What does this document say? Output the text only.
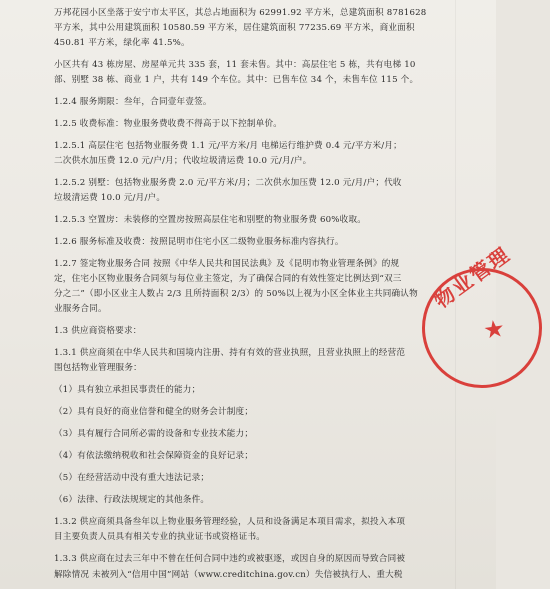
万邦花园小区坐落于安宁市太平区，其总占地面积为 62991.92 平方米，总建筑面积 8781628
平方米，其中公用建筑面积 10580.59 平方米，居住建筑面积 77235.69 平方米，商业面积
450.81 平方米，绿化率 41.5%。
小区共有 43 栋房屋、房屋单元共 335 套，11 套未售。其中：高层住宅 5 栋，共有电梯 10
部、别墅 38 栋、商业 1 户，共有 149 个车位。其中：已售车位 34 个，未售车位 115 个。
1.2.4 服务期限：叁年，合同壹年壹签。
1.2.5 收费标准：物业服务费收费不得高于以下控制单价。
1.2.5.1 高层住宅 包括物业服务费 1.1 元/平方米/月 电梯运行维护费 0.4 元/平方米/月；
二次供水加压费 12.0 元/户/月；代收垃圾清运费 10.0 元/月/户。
1.2.5.2 别墅：包括物业服务费 2.0 元/平方米/月；二次供水加压费 12.0 元/月/户；代收
垃圾清运费 10.0 元/月/户。
1.2.5.3 空置房：未装修的空置房按照高层住宅和别墅的物业服务费 60%收取。
1.2.6 服务标准及收费：按照昆明市住宅小区二级物业服务标准内容执行。
1.2.7 签定物业服务合同 按照《中华人民共和国民法典》及《昆明市物业管理条例》的规
定，住宅小区物业服务合同须与每位业主签定，为了确保合同的有效性签定比例达到“双三
分之二”（即小区业主人数占 2/3 且所持面积 2/3）的 50%以上视为小区全体业主共同确认物
业服务合同。
1.3 供应商资格要求：
1.3.1 供应商须在中华人民共和国境内注册、持有有效的营业执照，且营业执照上的经营范
围包括物业管理服务：
（1）具有独立承担民事责任的能力；
（2）具有良好的商业信誉和健全的财务会计制度；
（3）具有履行合同所必需的设备和专业技术能力；
（4）有依法缴纳税收和社会保障资金的良好记录；
（5）在经营活动中没有重大违法记录；
（6）法律、行政法规规定的其他条件。
1.3.2 供应商须具备叁年以上物业服务管理经验，人员和设备满足本项目需求，拟投入本项
目主要负责人员具有相关专业的执业证书或资格证书。
1.3.3 供应商在过去三年中不曾在任何合同中违约或被驱逐，或因自身的原因而导致合同被
解除情况 未被列入“信用中国”网站（www.creditchina.gov.cn）失信被执行人、重大税
物业管理
★
